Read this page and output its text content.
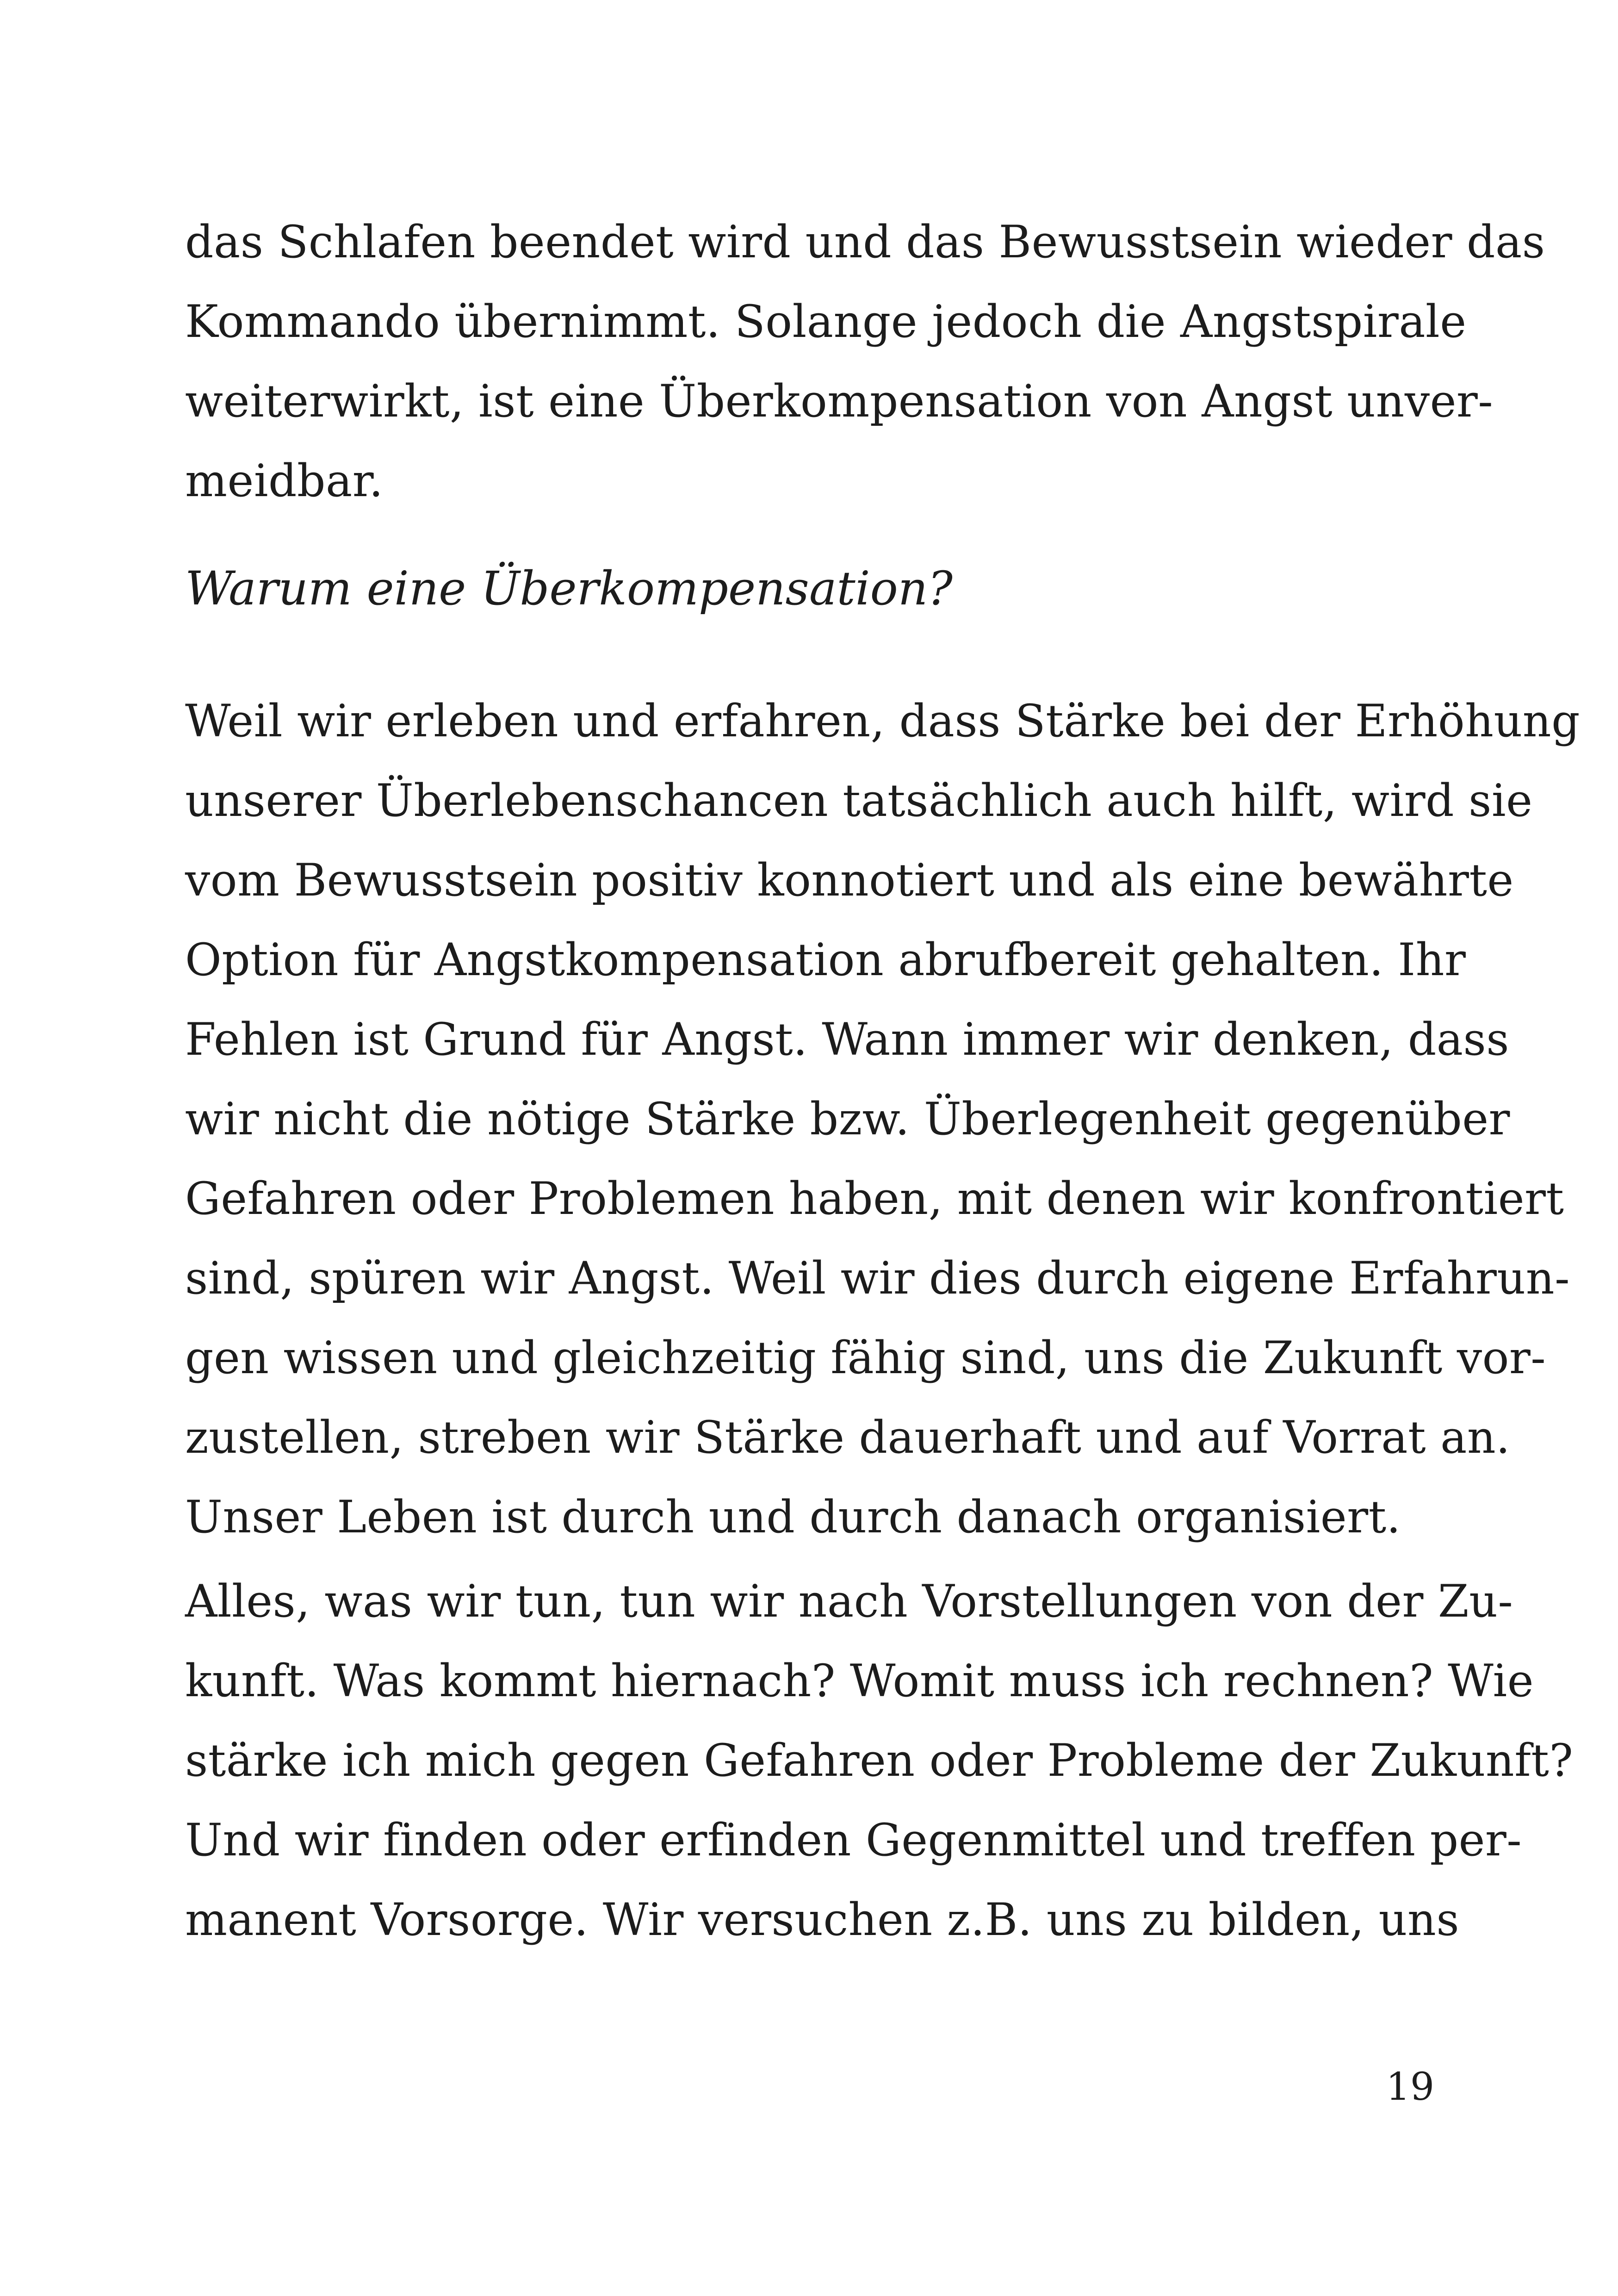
das Schlafen beendet wird und das Bewusstsein wieder das
Kommando übernimmt. Solange jedoch die Angstspirale
weiterwirkt, ist eine Überkompensation von Angst unver-
meidbar.
Warum eine Überkompensation?
Weil wir erleben und erfahren, dass Stärke bei der Erhöhung
unserer Überlebenschancen tatsächlich auch hilft, wird sie
vom Bewusstsein positiv konnotiert und als eine bewährte
Option für Angstkompensation abrufbereit gehalten. Ihr
Fehlen ist Grund für Angst. Wann immer wir denken, dass
wir nicht die nötige Stärke bzw. Überlegenheit gegenüber
Gefahren oder Problemen haben, mit denen wir konfrontiert
sind, spüren wir Angst. Weil wir dies durch eigene Erfahrun-
gen wissen und gleichzeitig fähig sind, uns die Zukunft vor-
zustellen, streben wir Stärke dauerhaft und auf Vorrat an.
Unser Leben ist durch und durch danach organisiert.
Alles, was wir tun, tun wir nach Vorstellungen von der Zu-
kunft. Was kommt hiernach? Womit muss ich rechnen? Wie
stärke ich mich gegen Gefahren oder Probleme der Zukunft?
Und wir finden oder erfinden Gegenmittel und treffen per-
manent Vorsorge. Wir versuchen z.B. uns zu bilden, uns
19
